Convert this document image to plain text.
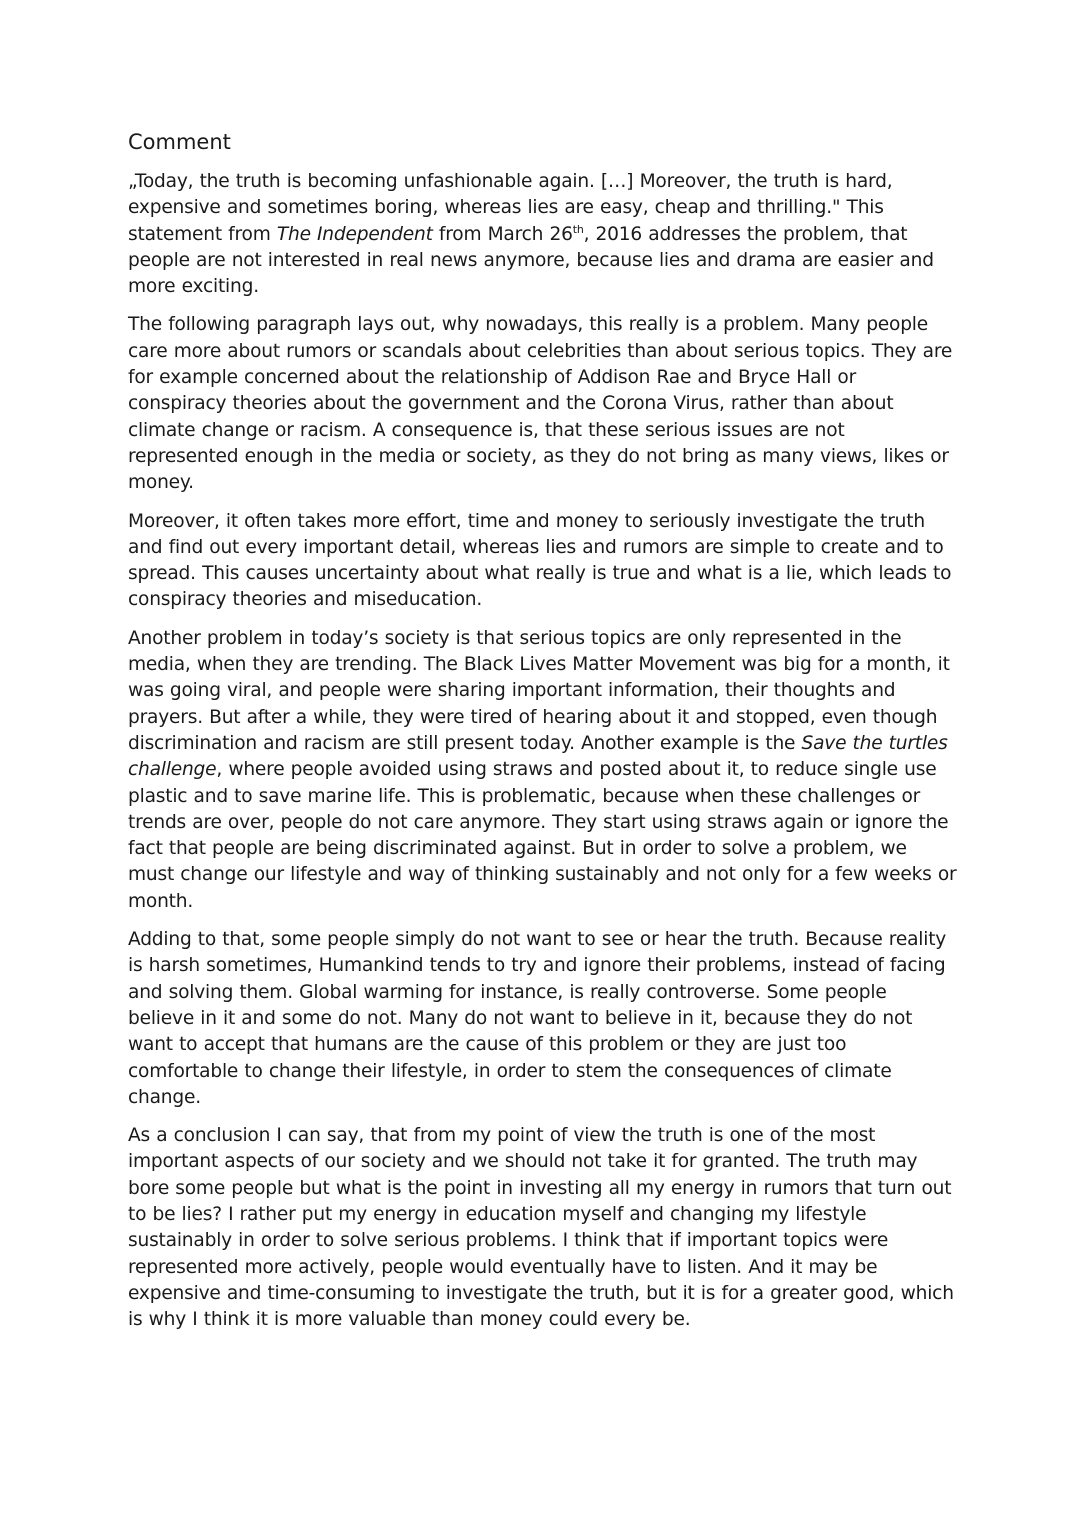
Comment

„Today, the truth is becoming unfashionable again. […] Moreover, the truth is hard, expensive and sometimes boring, whereas lies are easy, cheap and thrilling." This statement from The Independent from March 26th, 2016 addresses the problem, that people are not interested in real news anymore, because lies and drama are easier and more exciting.

The following paragraph lays out, why nowadays, this really is a problem. Many people care more about rumors or scandals about celebrities than about serious topics. They are for example concerned about the relationship of Addison Rae and Bryce Hall or conspiracy theories about the government and the Corona Virus, rather than about climate change or racism. A consequence is, that these serious issues are not represented enough in the media or society, as they do not bring as many views, likes or money.

Moreover, it often takes more effort, time and money to seriously investigate the truth and find out every important detail, whereas lies and rumors are simple to create and to spread. This causes uncertainty about what really is true and what is a lie, which leads to conspiracy theories and miseducation.

Another problem in today’s society is that serious topics are only represented in the media, when they are trending. The Black Lives Matter Movement was big for a month, it was going viral, and people were sharing important information, their thoughts and prayers. But after a while, they were tired of hearing about it and stopped, even though discrimination and racism are still present today. Another example is the Save the turtles challenge, where people avoided using straws and posted about it, to reduce single use plastic and to save marine life. This is problematic, because when these challenges or trends are over, people do not care anymore. They start using straws again or ignore the fact that people are being discriminated against. But in order to solve a problem, we must change our lifestyle and way of thinking sustainably and not only for a few weeks or month.

Adding to that, some people simply do not want to see or hear the truth. Because reality is harsh sometimes, Humankind tends to try and ignore their problems, instead of facing and solving them. Global warming for instance, is really controverse. Some people believe in it and some do not. Many do not want to believe in it, because they do not want to accept that humans are the cause of this problem or they are just too comfortable to change their lifestyle, in order to stem the consequences of climate change.

As a conclusion I can say, that from my point of view the truth is one of the most important aspects of our society and we should not take it for granted. The truth may bore some people but what is the point in investing all my energy in rumors that turn out to be lies? I rather put my energy in education myself and changing my lifestyle sustainably in order to solve serious problems. I think that if important topics were represented more actively, people would eventually have to listen. And it may be expensive and time-consuming to investigate the truth, but it is for a greater good, which is why I think it is more valuable than money could every be.
